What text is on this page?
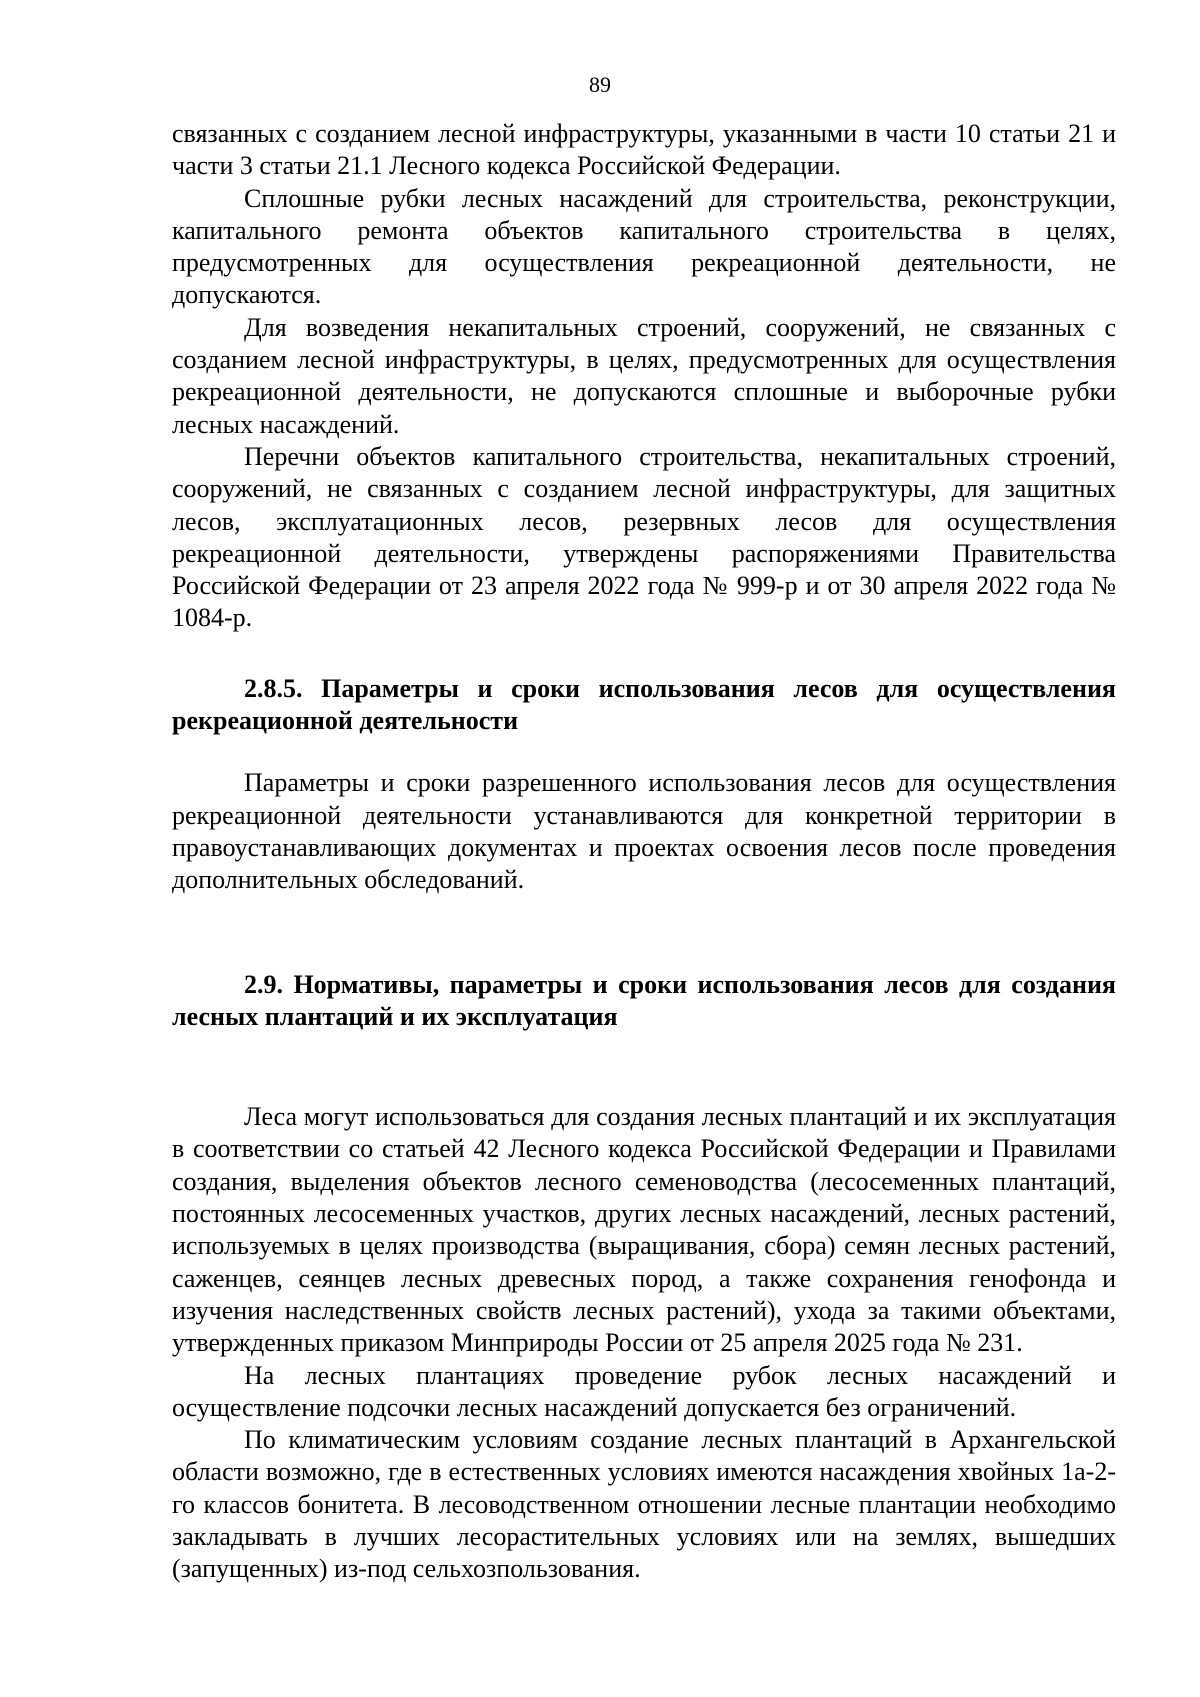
89

связанных с созданием лесной инфраструктуры, указанными в части 10 статьи 21 и части 3 статьи 21.1 Лесного кодекса Российской Федерации.

Сплошные рубки лесных насаждений для строительства, реконструкции, капитального ремонта объектов капитального строительства в целях, предусмотренных для осуществления рекреационной деятельности, не допускаются.

Для возведения некапитальных строений, сооружений, не связанных с созданием лесной инфраструктуры, в целях, предусмотренных для осуществления рекреационной деятельности, не допускаются сплошные и выборочные рубки лесных насаждений.

Перечни объектов капитального строительства, некапитальных строений, сооружений, не связанных с созданием лесной инфраструктуры, для защитных лесов, эксплуатационных лесов, резервных лесов для осуществления рекреационной деятельности, утверждены распоряжениями Правительства Российской Федерации от 23 апреля 2022 года № 999-р и от 30 апреля 2022 года № 1084-р.

2.8.5. Параметры и сроки использования лесов для осуществления рекреационной деятельности

Параметры и сроки разрешенного использования лесов для осуществления рекреационной деятельности устанавливаются для конкретной территории в правоустанавливающих документах и проектах освоения лесов после проведения дополнительных обследований.

2.9. Нормативы, параметры и сроки использования лесов для создания лесных плантаций и их эксплуатация

Леса могут использоваться для создания лесных плантаций и их эксплуатация в соответствии со статьей 42 Лесного кодекса Российской Федерации и Правилами создания, выделения объектов лесного семеноводства (лесосеменных плантаций, постоянных лесосеменных участков, других лесных насаждений, лесных растений, используемых в целях производства (выращивания, сбора) семян лесных растений, саженцев, сеянцев лесных древесных пород, а также сохранения генофонда и изучения наследственных свойств лесных растений), ухода за такими объектами, утвержденных приказом Минприроды России от 25 апреля 2025 года № 231.

На лесных плантациях проведение рубок лесных насаждений и осуществление подсочки лесных насаждений допускается без ограничений.

По климатическим условиям создание лесных плантаций в Архангельской области возможно, где в естественных условиях имеются насаждения хвойных 1а-2-го классов бонитета. В лесоводственном отношении лесные плантации необходимо закладывать в лучших лесорастительных условиях или на землях, вышедших (запущенных) из-под сельхозпользования.
